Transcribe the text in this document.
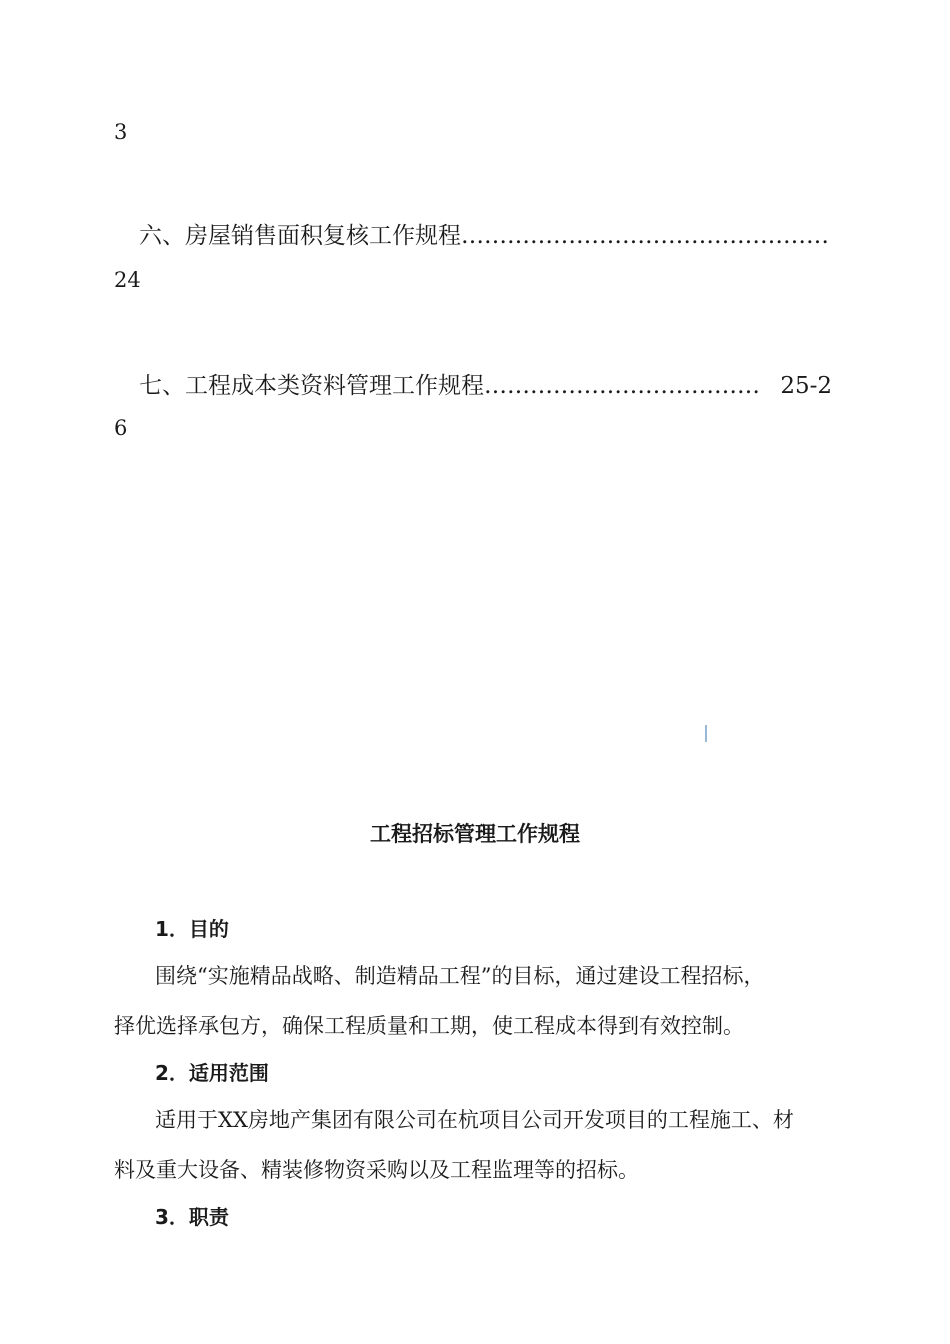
3
六、房屋销售面积复核工作规程 …………………………………………
24
七、工程成本类资料管理工作规程 ……………………………… 25-2
6
工程招标管理工作规程
1．目的
围绕“实施精品战略、制造精品工程”的目标，通过建设工程招标，
择优选择承包方，确保工程质量和工期，使工程成本得到有效控制。
2．适用范围
适用于XX房地产集团有限公司在杭项目公司开发项目的工程施工、材
料及重大设备、精装修物资采购以及工程监理等的招标。
3．职责
